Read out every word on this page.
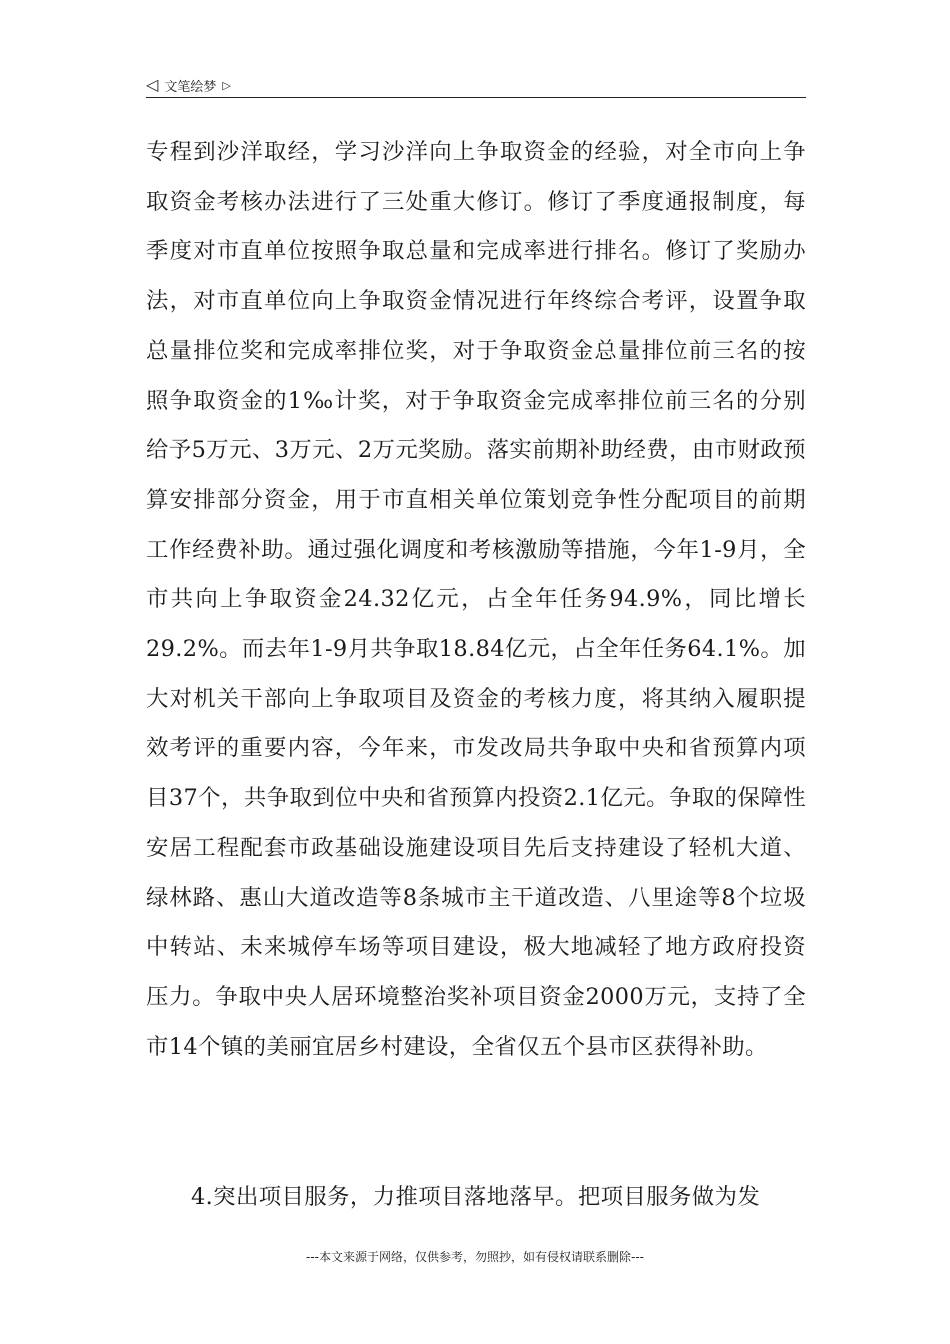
◁ 文笔绘梦 ▷

专程到沙洋取经，学习沙洋向上争取资金的经验，对全市向上争取资金考核办法进行了三处重大修订。修订了季度通报制度，每季度对市直单位按照争取总量和完成率进行排名。修订了奖励办法，对市直单位向上争取资金情况进行年终综合考评，设置争取总量排位奖和完成率排位奖，对于争取资金总量排位前三名的按照争取资金的1‰计奖，对于争取资金完成率排位前三名的分别给予5万元、3万元、2万元奖励。落实前期补助经费，由市财政预算安排部分资金，用于市直相关单位策划竞争性分配项目的前期工作经费补助。通过强化调度和考核激励等措施，今年1-9月，全市共向上争取资金24.32亿元，占全年任务94.9%，同比增长29.2%。而去年1-9月共争取18.84亿元，占全年任务64.1%。加大对机关干部向上争取项目及资金的考核力度，将其纳入履职提效考评的重要内容，今年来，市发改局共争取中央和省预算内项目37个，共争取到位中央和省预算内投资2.1亿元。争取的保障性安居工程配套市政基础设施建设项目先后支持建设了轻机大道、绿林路、惠山大道改造等8条城市主干道改造、八里途等8个垃圾中转站、未来城停车场等项目建设，极大地减轻了地方政府投资压力。争取中央人居环境整治奖补项目资金2000万元，支持了全市14个镇的美丽宜居乡村建设，全省仅五个县市区获得补助。

4.突出项目服务，力推项目落地落早。把项目服务做为发

---本文来源于网络，仅供参考，勿照抄，如有侵权请联系删除---
